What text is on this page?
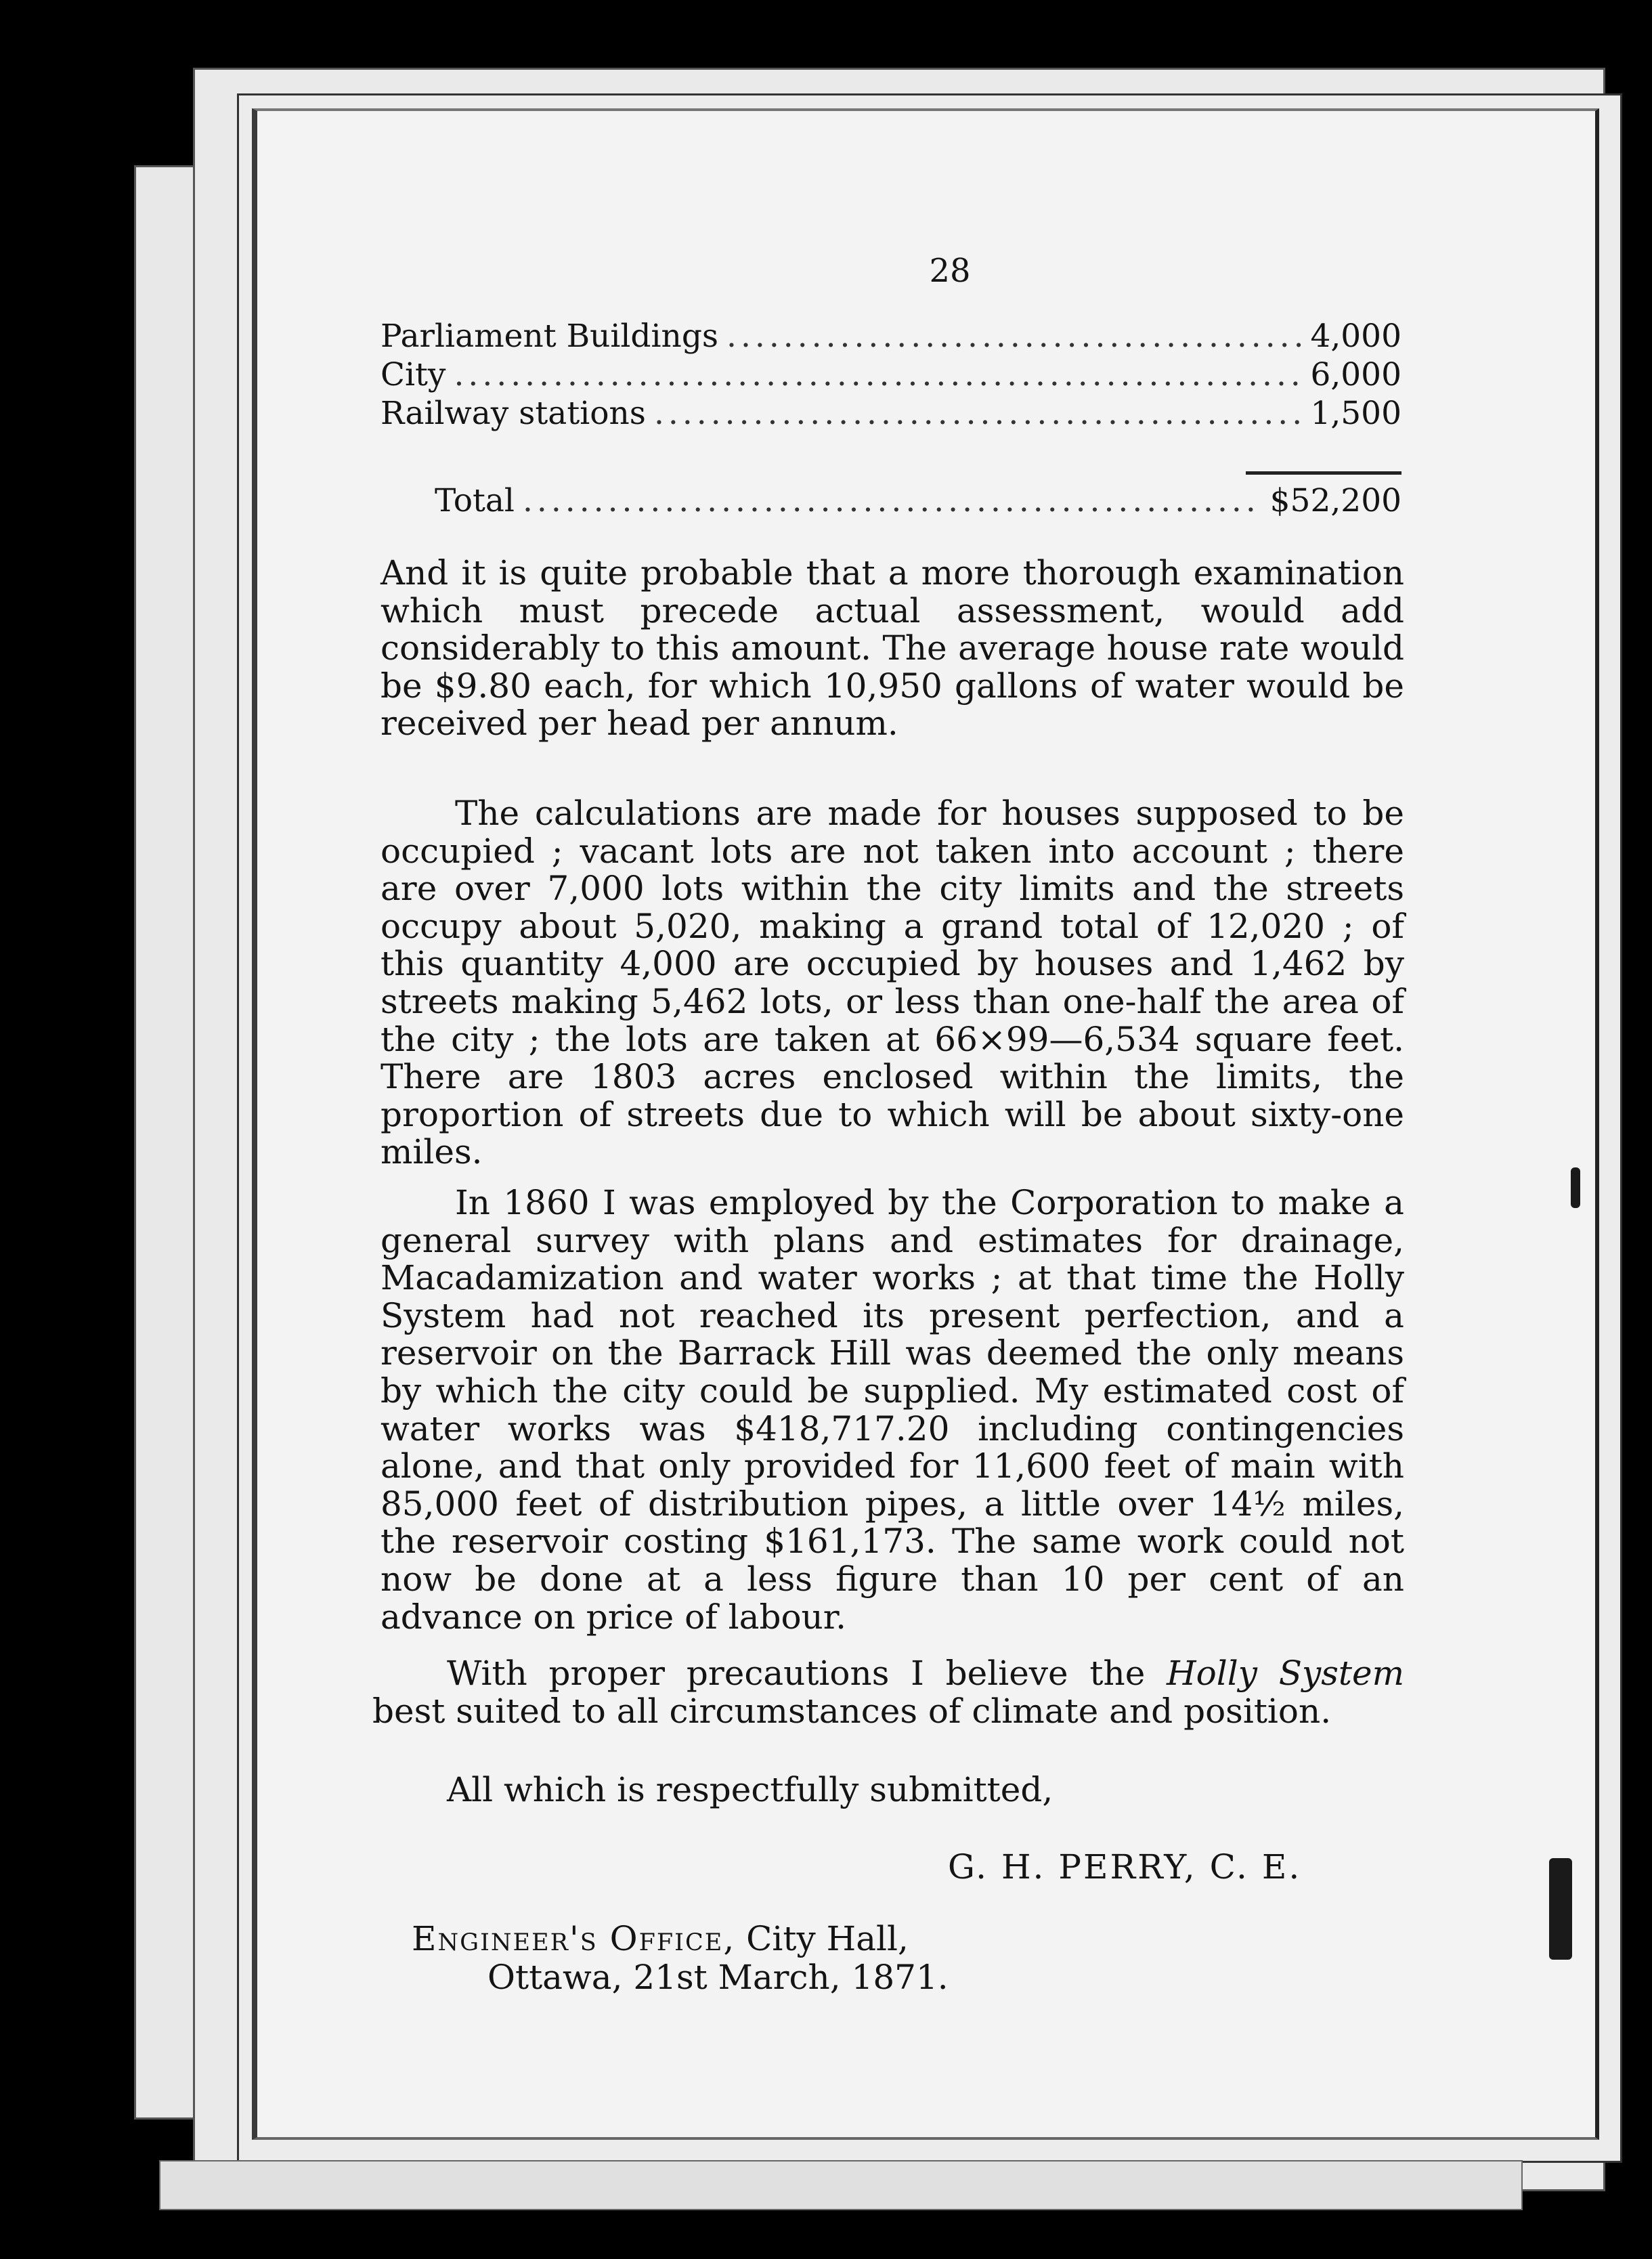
28
Parliament Buildings .....	4,000
City .....	6,000
Railway stations .....	1,500
Total .....	$52,200

And it is quite probable that a more thorough examination which must precede actual assessment, would add considerably to this amount. The average house rate would be $9.80 each, for which 10,950 gallons of water would be received per head per annum.

The calculations are made for houses supposed to be occupied ; vacant lots are not taken into account ; there are over 7,000 lots within the city limits and the streets occupy about 5,020, making a grand total of 12,020 ; of this quantity 4,000 are occupied by houses and 1,462 by streets making 5,462 lots, or less than one-half the area of the city ; the lots are taken at 66×99—6,534 square feet. There are 1803 acres enclosed within the limits, the proportion of streets due to which will be about sixty-one miles.

In 1860 I was employed by the Corporation to make a general survey with plans and estimates for drainage, Macadamization and water works ; at that time the Holly System had not reached its present perfection, and a reservoir on the Barrack Hill was deemed the only means by which the city could be supplied. My estimated cost of water works was $418,717.20 including contingencies alone, and that only provided for 11,600 feet of main with 85,000 feet of distribution pipes, a little over 14½ miles, the reservoir costing $161,173. The same work could not now be done at a less figure than 10 per cent of an advance on price of labour.

With proper precautions I believe the Holly System best suited to all circumstances of climate and position.

All which is respectfully submitted,
G. H. PERRY, C. E.
Engineer's Office, City Hall,
Ottawa, 21st March, 1871.
